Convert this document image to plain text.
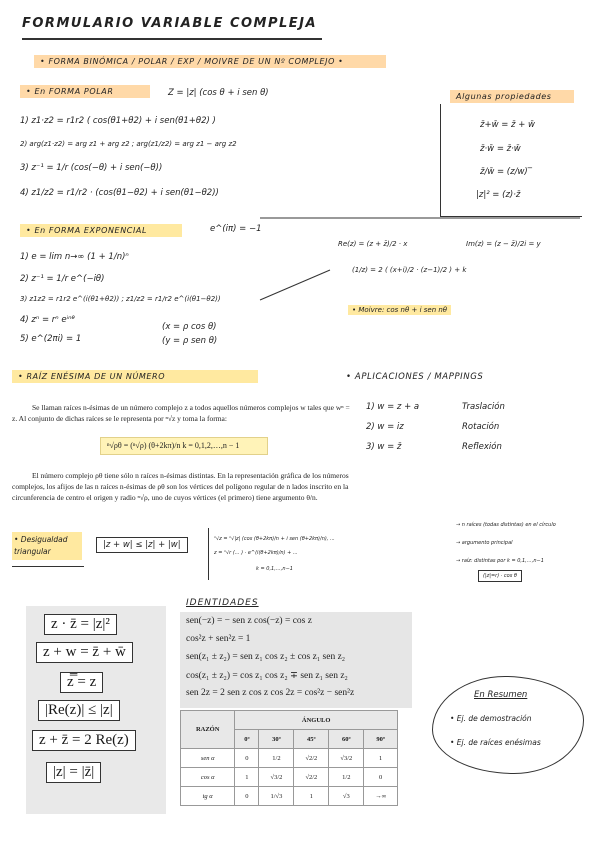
FORMULARIO VARIABLE COMPLEJA
• FORMA BINÓMICA / POLAR / EXP / MOIVRE DE UN Nº COMPLEJO •
• En FORMA POLAR	Z = |z| (cos θ + i sen θ)
1) z1·z2 = r1r2 ( cos(θ1+θ2) + i sen(θ1+θ2) )
2) arg(z1·z2) = arg z1 + arg z2 ; arg(z1/z2) = arg z1 − arg z2
3) z⁻¹ = 1/r (cos(−θ) + i sen(−θ))
4) z1/z2 = r1/r2 · (cos(θ1−θ2) + i sen(θ1−θ2))
Algunas propiedades
z̄+w̄ = z̄ + w̄
z̄·w̄ = z̄·w̄
z̄/w̄ = (z/w)‾
|z|² = (z)·z̄
• En FORMA EXPONENCIAL	e^(iπ) = −1
1) e = lim n→∞ (1 + 1/n)ⁿ
2) z⁻¹ = 1/r e^(−iθ)
3) z1z2 = r1r2 e^(i(θ1+θ2)) ; z1/z2 = r1/r2 e^(i(θ1−θ2))
4) zⁿ = rⁿ eⁱⁿᶿ
5) e^(2πi) = 1
(x = ρ cos θ)
(y = ρ sen θ)
Re(z) = (z + z̄)/2 · x	Im(z) = (z − z̄)/2i = y
(1/z) = 2 ( (x+i)/2 · (z−1)/2 ) + k
• Moivre: cos nθ + i sen nθ
• RAÍZ ENÉSIMA DE UN NÚMERO
Se llaman raíces n-ésimas de un número complejo z a todos aquellos números complejos w tales que wⁿ = z. Al conjunto de dichas raíces se le representa por ⁿ√z y toma la forma:
ⁿ√ρθ = (ⁿ√ρ) (θ+2kπ)/n k = 0,1,2,…,n − 1
El número complejo ρθ tiene sólo n raíces n-ésimas distintas. En la representación gráfica de los números complejos, los afijos de las n raíces n-ésimas de ρθ son los vértices del polígono regular de n lados inscrito en la circunferencia de centro el origen y radio ⁿ√ρ, uno de cuyos vértices (el primero) tiene argumento θ/n.
• APLICACIONES / MAPPINGS
1) w = z + a	Traslación
2) w = iz	Rotación
3) w = z̄	Reflexión
• Desigualdad triangular
|z + w| ≤ |z| + |w|
ⁿ√z = ⁿ√|z| (cos (θ+2kπ)/n + i sen (θ+2kπ)/n), ...
z = ⁿ√r (... ) · e^(i(θ+2kπ)/n) + ...
k = 0,1,…,n−1
→ n raíces (todas distintas) en el círculo
→ argumento principal
→ raíz: distintas por k = 0,1,…,n−1
(|z|=r) · cos θ
z · z̄ = |z|²
z + w = z̄ + w̄
z̿ = z
|Re(z)| ≤ |z|
z + z̄ = 2 Re(z)
|z| = |z̄|
IDENTIDADES
sen(−z) = − sen z cos(−z) = cos z
cos²z + sen²z = 1
sen(z₁ ± z₂) = sen z₁ cos z₂ ± cos z₁ sen z₂
cos(z₁ ± z₂) = cos z₁ cos z₂ ∓ sen z₁ sen z₂
sen 2z = 2 sen z cos z cos 2z = cos²z − sen²z
RAZÓN	ÁNGULO				
	0º	30º	45º	60º	90º
sen α	0	1/2	√2/2	√3/2	1
cos α	1	√3/2	√2/2	1/2	0
tg α	0	1/√3	1	√3	→∞
En Resumen
• Ej. de demostración
• Ej. de raíces enésimas
